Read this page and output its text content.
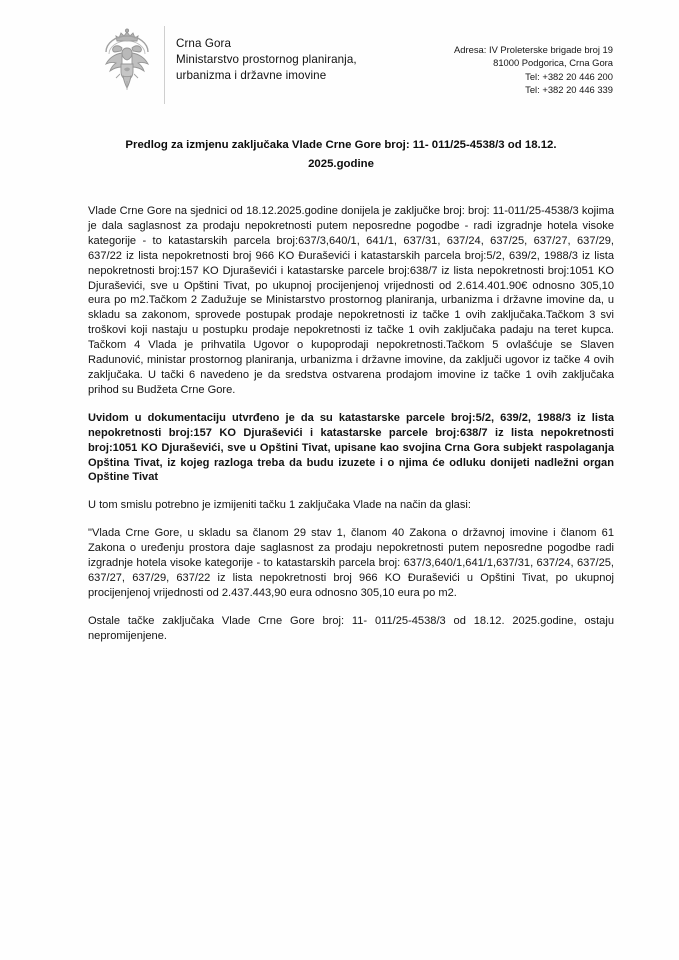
Crna Gora
Ministarstvo prostornog planiranja,
urbanizma i državne imovine
Adresa: IV Proleterske brigade broj 19
81000 Podgorica, Crna Gora
Tel: +382 20 446 200
Tel: +382 20 446 339
Predlog za izmjenu zaključaka Vlade Crne Gore broj: 11- 011/25-4538/3 od 18.12. 2025.godine

Vlade Crne Gore na sjednici od 18.12.2025.godine donijela je zaključke broj: broj: 11-011/25-4538/3 kojima je dala saglasnost za prodaju nepokretnosti putem neposredne pogodbe - radi izgradnje hotela visoke kategorije - to katastarskih parcela broj:637/3,640/1, 641/1, 637/31, 637/24, 637/25, 637/27, 637/29, 637/22 iz lista nepokretnosti broj 966 KO Đuraševići i katastarskih parcela broj:5/2, 639/2, 1988/3 iz lista nepokretnosti broj:157 KO Djuraševići i katastarske parcele broj:638/7 iz lista nepokretnosti broj:1051 KO Djuraševići, sve u Opštini Tivat, po ukupnoj procijenjenoj vrijednosti od 2.614.401.90€ odnosno 305,10 eura po m2.Tačkom 2 Zadužuje se Ministarstvo prostornog planiranja, urbanizma i državne imovine da, u skladu sa zakonom, sprovede postupak prodaje nepokretnosti iz tačke 1 ovih zaključaka.Tačkom 3 svi troškovi koji nastaju u postupku prodaje nepokretnosti iz tačke 1 ovih zaključaka padaju na teret kupca. Tačkom 4 Vlada je prihvatila Ugovor o kupoprodaji nepokretnosti.Tačkom 5 ovlašćuje se Slaven Radunović, ministar prostornog planiranja, urbanizma i državne imovine, da zaključi ugovor iz tačke 4 ovih zaključaka. U tački 6 navedeno je da sredstva ostvarena prodajom imovine iz tačke 1 ovih zaključaka prihod su Budžeta Crne Gore.

Uvidom u dokumentaciju utvrđeno je da su katastarske parcele broj:5/2, 639/2, 1988/3 iz lista nepokretnosti broj:157 KO Djuraševići i katastarske parcele broj:638/7 iz lista nepokretnosti broj:1051 KO Djuraševići, sve u Opštini Tivat, upisane kao svojina Crna Gora subjekt raspolaganja Opština Tivat, iz kojeg razloga treba da budu izuzete i o njima će odluku donijeti nadležni organ Opštine Tivat

U tom smislu potrebno je izmijeniti tačku 1 zaključaka Vlade na način da glasi:

"Vlada Crne Gore, u skladu sa članom 29 stav 1, članom 40 Zakona o državnoj imovine i članom 61 Zakona o uređenju prostora daje saglasnost za prodaju nepokretnosti putem neposredne pogodbe radi izgradnje hotela visoke kategorije - to katastarskih parcela broj: 637/3,640/1,641/1,637/31, 637/24, 637/25, 637/27, 637/29, 637/22 iz lista nepokretnosti broj 966 KO Đuraševići u Opštini Tivat, po ukupnoj procijenjenoj vrijednosti od 2.437.443,90 eura odnosno 305,10 eura po m2.

Ostale tačke zaključaka Vlade Crne Gore broj: 11- 011/25-4538/3 od 18.12. 2025.godine, ostaju nepromijenjene.
